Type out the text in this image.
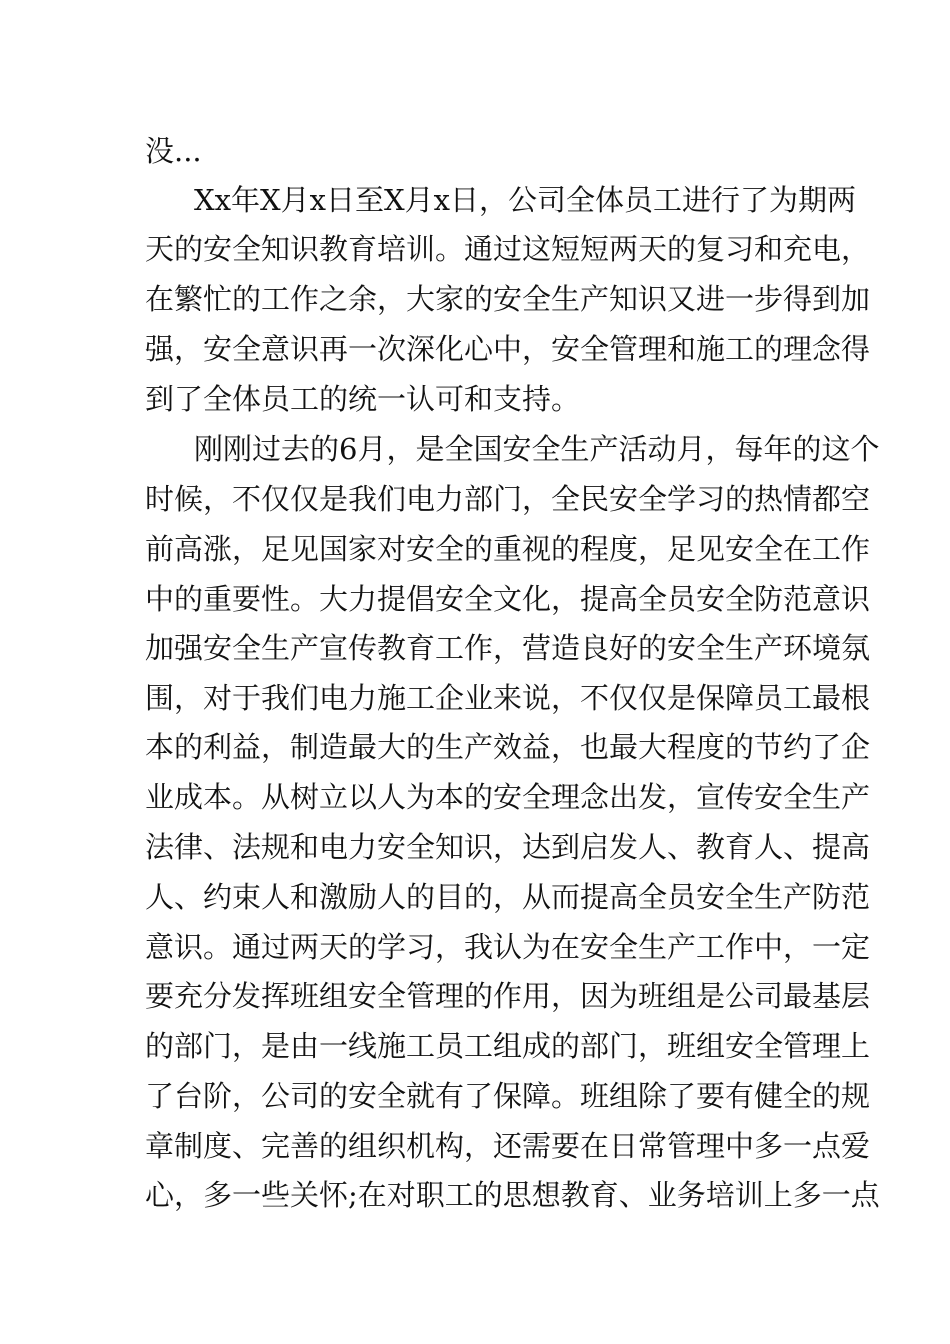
没...
Xx年X月x日至X月x日，公司全体员工进行了为期两
天的安全知识教育培训。通过这短短两天的复习和充电，
在繁忙的工作之余，大家的安全生产知识又进一步得到加
强，安全意识再一次深化心中，安全管理和施工的理念得
到了全体员工的统一认可和支持。
刚刚过去的6月，是全国安全生产活动月，每年的这个
时候，不仅仅是我们电力部门，全民安全学习的热情都空
前高涨，足见国家对安全的重视的程度，足见安全在工作
中的重要性。大力提倡安全文化，提高全员安全防范意识
加强安全生产宣传教育工作，营造良好的安全生产环境氛
围，对于我们电力施工企业来说，不仅仅是保障员工最根
本的利益，制造最大的生产效益，也最大程度的节约了企
业成本。从树立以人为本的安全理念出发，宣传安全生产
法律、法规和电力安全知识，达到启发人、教育人、提高
人、约束人和激励人的目的，从而提高全员安全生产防范
意识。通过两天的学习，我认为在安全生产工作中，一定
要充分发挥班组安全管理的作用，因为班组是公司最基层
的部门，是由一线施工员工组成的部门，班组安全管理上
了台阶，公司的安全就有了保障。班组除了要有健全的规
章制度、完善的组织机构，还需要在日常管理中多一点爱
心，多一些关怀;在对职工的思想教育、业务培训上多一点
